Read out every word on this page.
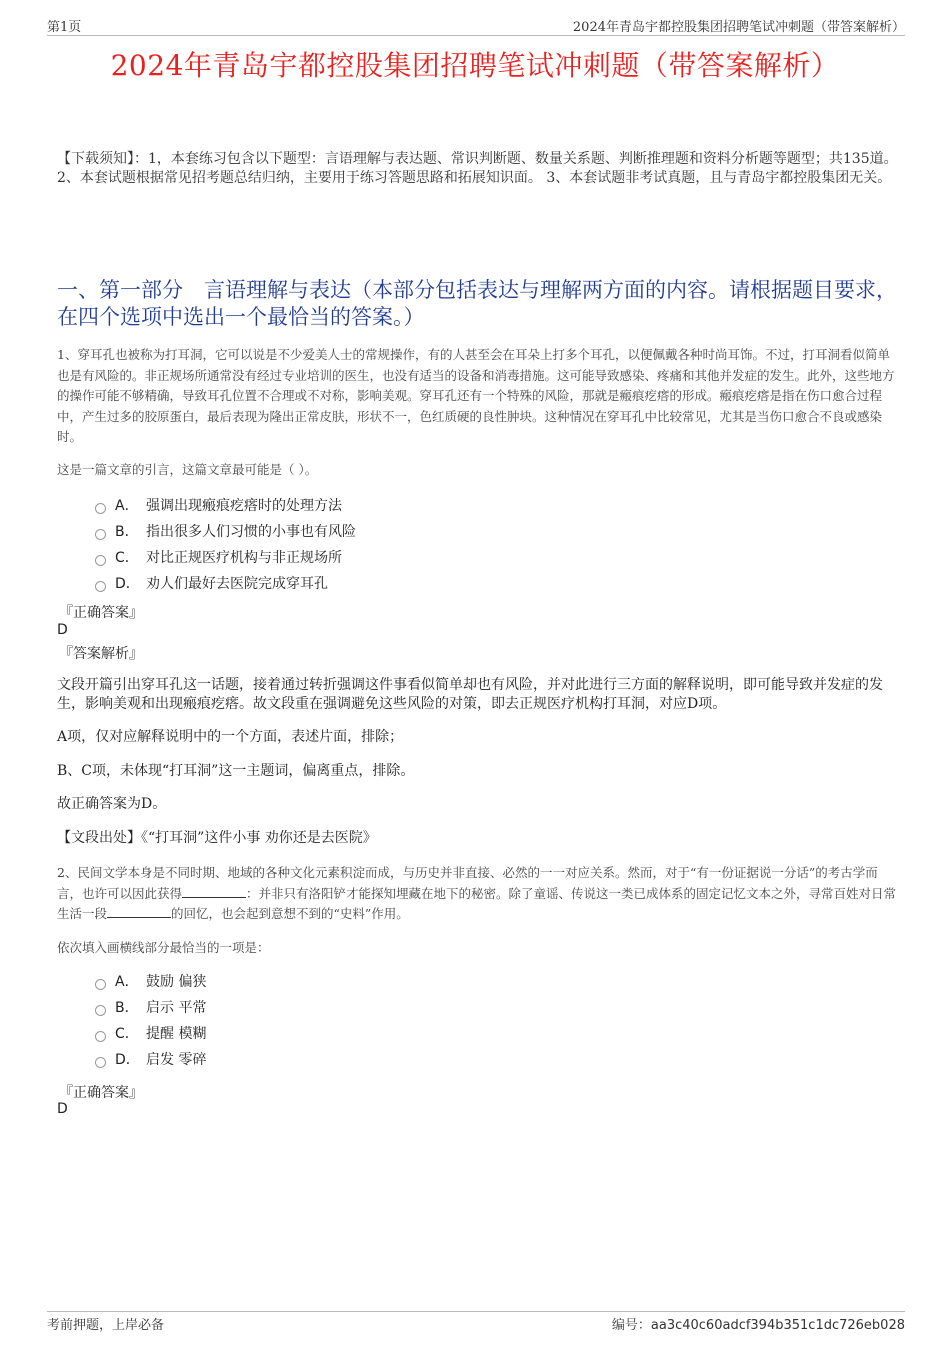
第1页	2024年青岛宇都控股集团招聘笔试冲刺题（带答案解析）
2024年青岛宇都控股集团招聘笔试冲刺题（带答案解析）

【下载须知】：1，本套练习包含以下题型：言语理解与表达题、常识判断题、数量关系题、判断推理题和资料分析题等题型；共135道。 2、本套试题根据常见招考题总结归纳，主要用于练习答题思路和拓展知识面。 3、本套试题非考试真题，且与青岛宇都控股集团无关。

一、第一部分　言语理解与表达（本部分包括表达与理解两方面的内容。请根据题目要求，在四个选项中选出一个最恰当的答案。）

1、穿耳孔也被称为打耳洞，它可以说是不少爱美人士的常规操作，有的人甚至会在耳朵上打多个耳孔，以便佩戴各种时尚耳饰。不过，打耳洞看似简单也是有风险的。非正规场所通常没有经过专业培训的医生，也没有适当的设备和消毒措施。这可能导致感染、疼痛和其他并发症的发生。此外，这些地方的操作可能不够精确，导致耳孔位置不合理或不对称，影响美观。穿耳孔还有一个特殊的风险，那就是瘢痕疙瘩的形成。瘢痕疙瘩是指在伤口愈合过程中，产生过多的胶原蛋白，最后表现为隆出正常皮肤，形状不一，色红质硬的良性肿块。这种情况在穿耳孔中比较常见，尤其是当伤口愈合不良或感染时。

这是一篇文章的引言，这篇文章最可能是（ ）。

A． 强调出现瘢痕疙瘩时的处理方法
B． 指出很多人们习惯的小事也有风险
C． 对比正规医疗机构与非正规场所
D． 劝人们最好去医院完成穿耳孔
『正确答案』
D
『答案解析』

文段开篇引出穿耳孔这一话题，接着通过转折强调这件事看似简单却也有风险，并对此进行三方面的解释说明，即可能导致并发症的发生，影响美观和出现瘢痕疙瘩。故文段重在强调避免这些风险的对策，即去正规医疗机构打耳洞，对应D项。

A项，仅对应解释说明中的一个方面，表述片面，排除；

B、C项，未体现“打耳洞”这一主题词，偏离重点，排除。

故正确答案为D。

【文段出处】《“打耳洞”这件小事 劝你还是去医院》

2、民间文学本身是不同时期、地域的各种文化元素积淀而成，与历史并非直接、必然的一一对应关系。然而，对于“有一份证据说一分话”的考古学而言，也许可以因此获得	：并非只有洛阳铲才能探知埋藏在地下的秘密。除了童谣、传说这一类已成体系的固定记忆文本之外，寻常百姓对日常生活一段	的回忆，也会起到意想不到的“史料”作用。

依次填入画横线部分最恰当的一项是：

A． 鼓励 偏狭
B． 启示 平常
C． 提醒 模糊
D． 启发 零碎
『正确答案』
D
考前押题，上岸必备	编号：aa3c40c60adcf394b351c1dc726eb028
